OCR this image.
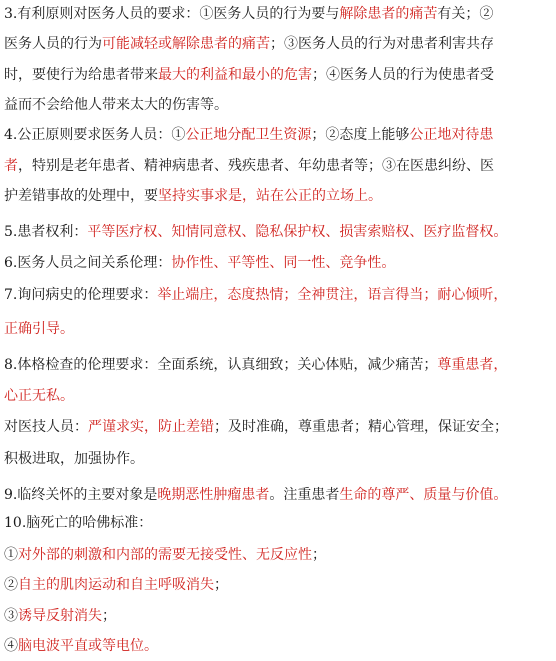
3.有利原则对医务人员的要求：①医务人员的行为要与解除患者的痛苦有关；②
医务人员的行为可能减轻或解除患者的痛苦；③医务人员的行为对患者利害共存
时，要使行为给患者带来最大的利益和最小的危害；④医务人员的行为使患者受
益而不会给他人带来太大的伤害等。
4.公正原则要求医务人员：①公正地分配卫生资源；②态度上能够公正地对待患
者，特别是老年患者、精神病患者、残疾患者、年幼患者等；③在医患纠纷、医
护差错事故的处理中，要坚持实事求是，站在公正的立场上。
5.患者权利：平等医疗权、知情同意权、隐私保护权、损害索赔权、医疗监督权。
6.医务人员之间关系伦理：协作性、平等性、同一性、竞争性。
7.询问病史的伦理要求：举止端庄，态度热情；全神贯注，语言得当；耐心倾听，
正确引导。
8.体格检查的伦理要求：全面系统，认真细致；关心体贴，减少痛苦；尊重患者，
心正无私。
对医技人员：严谨求实，防止差错；及时准确，尊重患者；精心管理，保证安全；
积极进取，加强协作。
9.临终关怀的主要对象是晚期恶性肿瘤患者。注重患者生命的尊严、质量与价值。
10.脑死亡的哈佛标准：
①对外部的刺激和内部的需要无接受性、无反应性；
②自主的肌肉运动和自主呼吸消失；
③诱导反射消失；
④脑电波平直或等电位。
